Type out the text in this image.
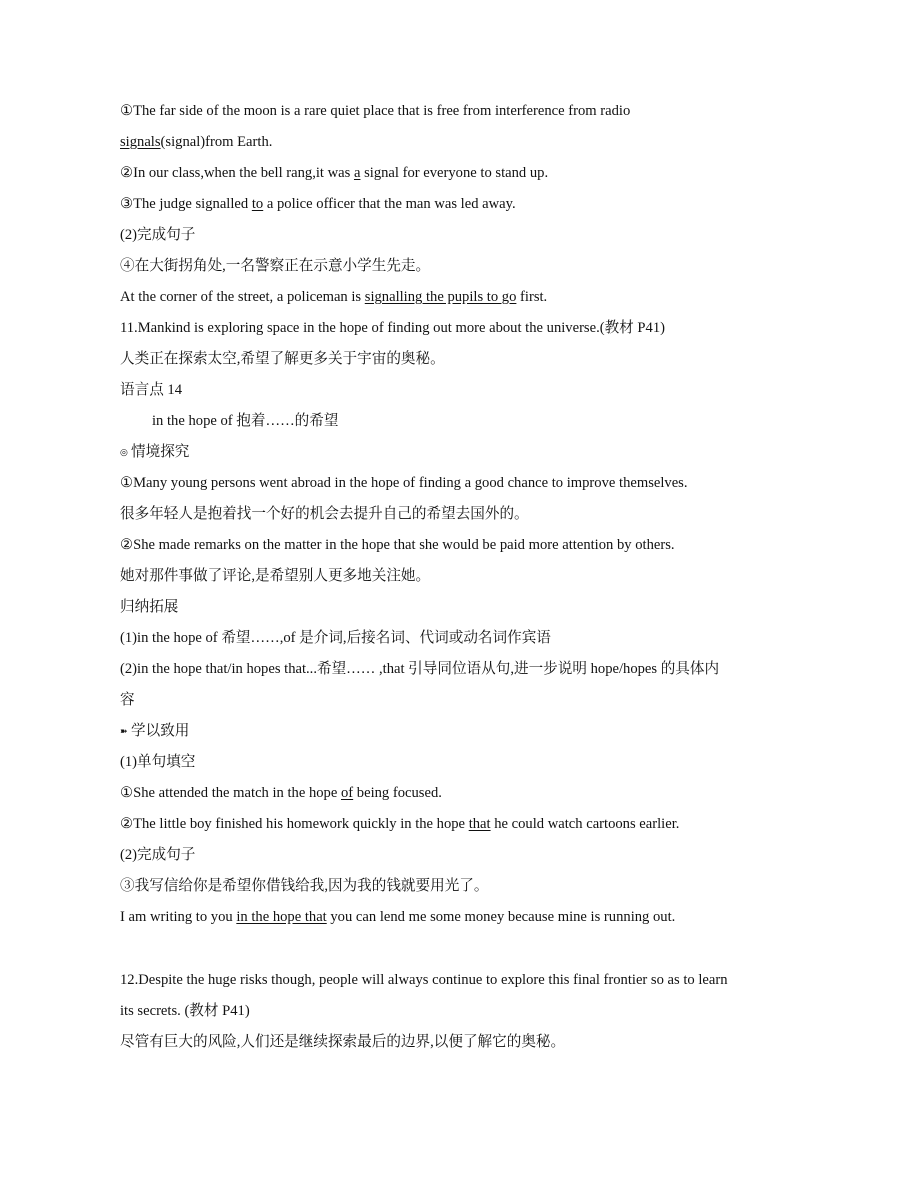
①The far side of the moon is a rare quiet place that is free from interference from radio
signals(signal)from Earth.
②In our class,when the bell rang,it was a signal for everyone to stand up.
③The judge signalled to a police officer that the man was led away.
(2)完成句子
④在大街拐角处,一名警察正在示意小学生先走。
At the corner of the street, a policeman is signalling the pupils to go first.
11.Mankind is exploring space in the hope of finding out more about the universe.(教材 P41)
人类正在探索太空,希望了解更多关于宇宙的奥秘。
语言点 14
in the hope of 抱着……的希望
◎ 情境探究
①Many young persons went abroad in the hope of finding a good chance to improve themselves.
很多年轻人是抱着找一个好的机会去提升自己的希望去国外的。
②She made remarks on the matter in the hope that she would be paid more attention by others.
她对那件事做了评论,是希望别人更多地关注她。
归纳拓展
(1)in the hope of 希望……,of 是介词,后接名词、代词或动名词作宾语
(2)in the hope that/in hopes that...希望…… ,that 引导同位语从句,进一步说明 hope/hopes 的具体内
容
➽ 学以致用
(1)单句填空
①She attended the match in the hope of being focused.
②The little boy finished his homework quickly in the hope that he could watch cartoons earlier.
(2)完成句子
③我写信给你是希望你借钱给我,因为我的钱就要用光了。
I am writing to you in the hope that you can lend me some money because mine is running out.
12.Despite the huge risks though, people will always continue to explore this final frontier so as to learn
its secrets. (教材 P41)
尽管有巨大的风险,人们还是继续探索最后的边界,以便了解它的奥秘。
